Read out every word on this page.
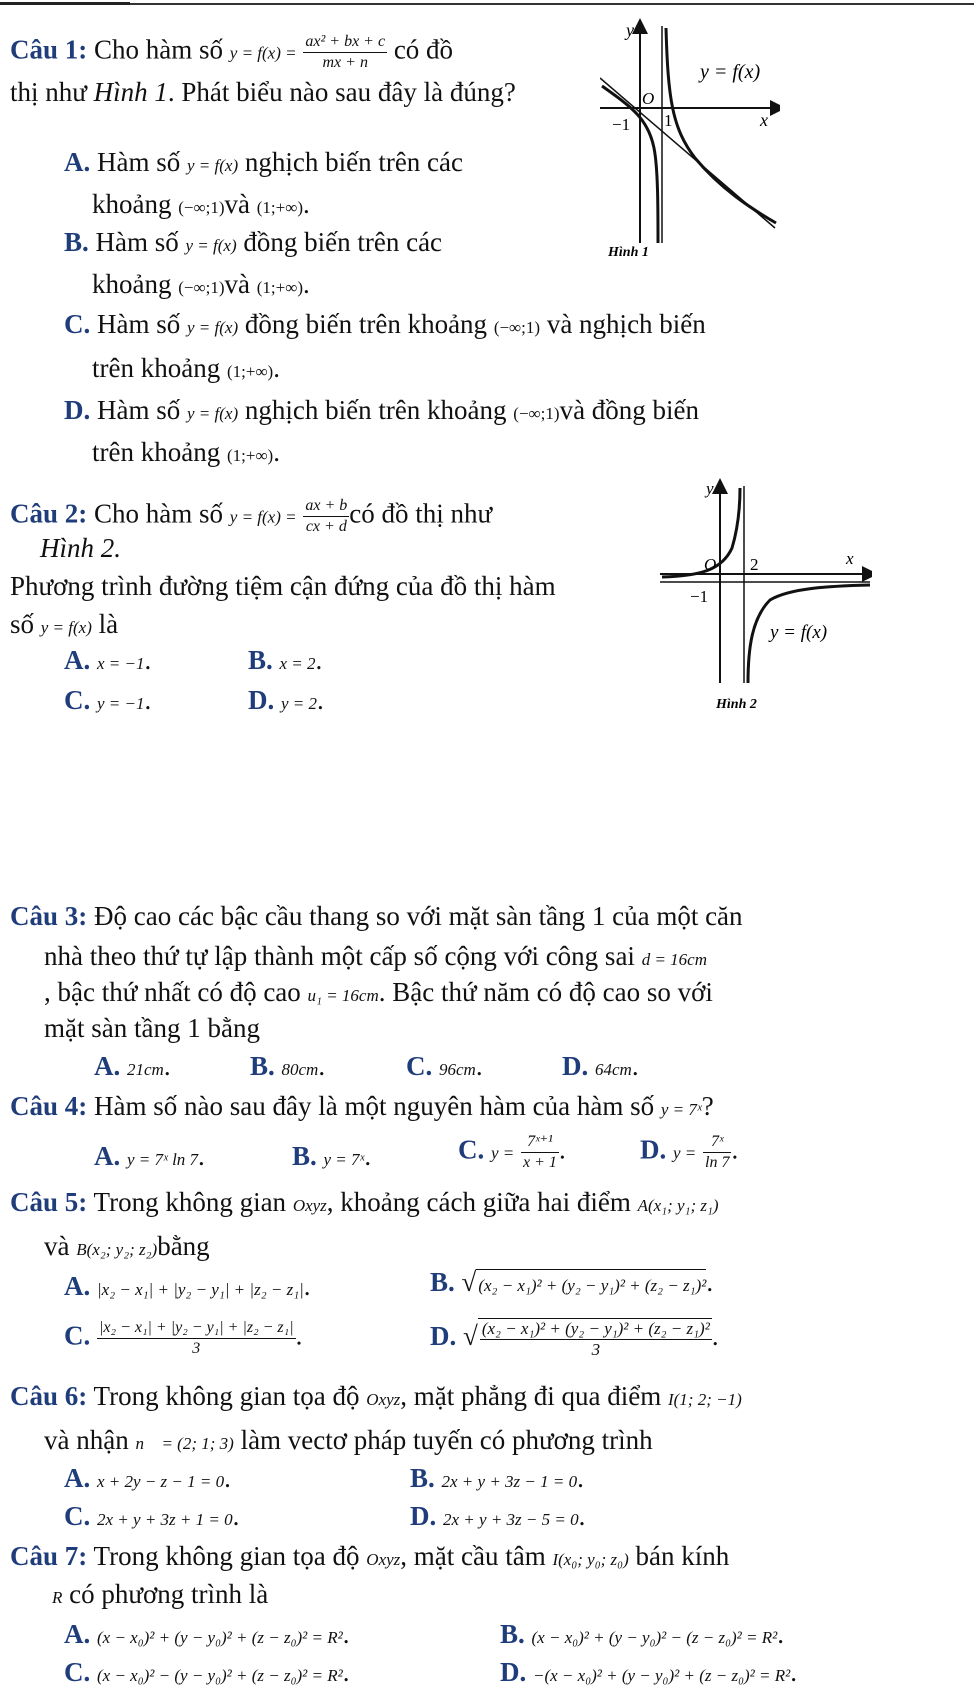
Câu 1: Cho hàm số $y = f(x) = \frac{\text{ax² + bx + c}}{mx + n}$ có đồ
thị như Hình 1. Phát biểu nào sau đây là đúng?
A. Hàm số y = f(x) nghịch biến trên các
khoảng (−∞;1)và (1;+∞).
B. Hàm số y = f(x) đồng biến trên các
khoảng (−∞;1)và (1;+∞).
C. Hàm số y = f(x) đồng biến trên khoảng (−∞;1) và nghịch biến
trên khoảng (1;+∞).
D. Hàm số y = f(x) nghịch biến trên khoảng (−∞;1)và đồng biến
trên khoảng (1;+∞).
y
x
O
1
−1
y = f(x)
Hình 1
Câu 2: Cho hàm số $y = f(x) = \frac{ax + b}{cx + d}$ có đồ thị như
Hình 2.
Phương trình đường tiệm cận đứng của đồ thị hàm
số y = f(x) là
A. x = −1.	B. x = 2.
C. y = −1.	D. y = 2.
y
x
O 2
−1
y = f(x)
Hình 2
Câu 3: Độ cao các bậc cầu thang so với mặt sàn tầng 1 của một căn
nhà theo thứ tự lập thành một cấp số cộng với công sai d = 16cm
, bậc thứ nhất có độ cao u₁ = 16cm. Bậc thứ năm có độ cao so với
mặt sàn tầng 1 bằng
A. 21cm.	B. 80cm.	C. 96cm.	D. 64cm.
Câu 4: Hàm số nào sau đây là một nguyên hàm của hàm số y = 7ˣ?
A. y = 7ˣ ln 7.	B. y = 7ˣ.	C. $y = \frac{\text{7ˣ⁺¹}}{x + 1}$ .	D. $y = \frac{\text{7ˣ}}{\ln 7}$ .
Câu 5: Trong không gian Oxyz, khoảng cách giữa hai điểm A(x₁; y₁; z₁)
và B(x₂; y₂; z₂)bằng
A. |x₂ − x₁| + |y₂ − y₁| + |z₂ − z₁|.	B. √ (x₂ − x₁)² + (y₂ − y₁)² + (z₂ − z₁)².
C. $\frac{\text{|x₂ − x₁| + |y₂ − y₁| + |z₂ − z₁|}}{3}$ .	D. √ $\frac{\text{(x₂ − x₁)² + (y₂ − y₁)² + (z₂ − z₁)²}}{3}$ .
Câu 6: Trong không gian tọa độ Oxyz, mặt phẳng đi qua điểm I(1; 2; −1)
và nhận n⃗ = (2; 1; 3) làm vectơ pháp tuyến có phương trình
A. x + 2y − z − 1 = 0.	B. 2x + y + 3z − 1 = 0.
C. 2x + y + 3z + 1 = 0.	D. 2x + y + 3z − 5 = 0.
Câu 7: Trong không gian tọa độ Oxyz, mặt cầu tâm I(x₀; y₀; z₀) bán kính
R có phương trình là
A. (x − x₀)² + (y − y₀)² + (z − z₀)² = R².	B. (x − x₀)² + (y − y₀)² − (z − z₀)² = R².
C. (x − x₀)² − (y − y₀)² + (z − z₀)² = R².	D. −(x − x₀)² + (y − y₀)² + (z − z₀)² = R².
